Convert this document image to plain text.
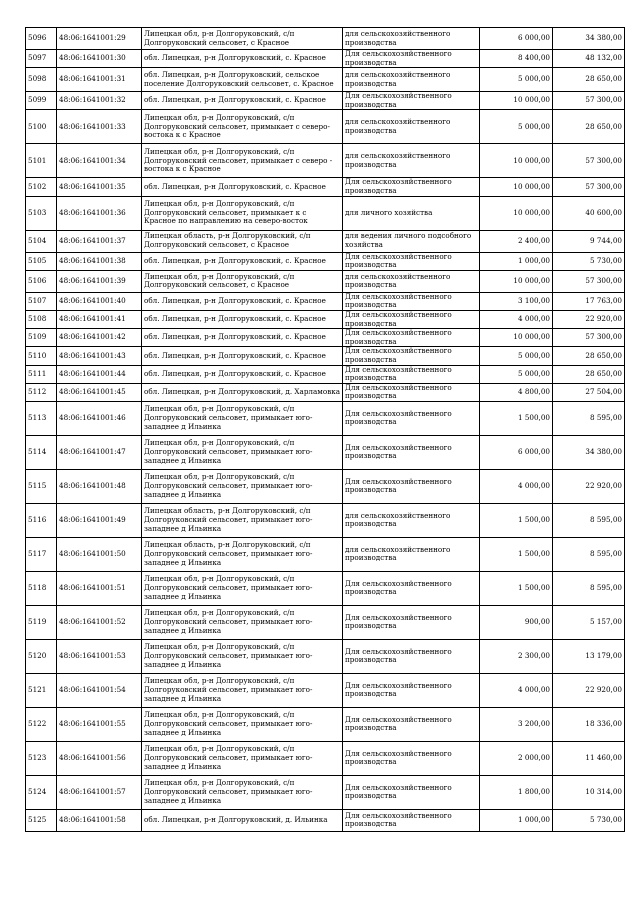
5096	48:06:1641001:29	Липецкая обл, р-н Долгоруковский, с/п Долгоруковский сельсовет, с Красное	для сельскохозяйственного производства	6 000,00	34 380,00
5097	48:06:1641001:30	обл. Липецкая, р-н Долгоруковский, с. Красное	Для сельскохозяйственного производства	8 400,00	48 132,00
5098	48:06:1641001:31	обл. Липецкая, р-н Долгоруковский, сельское поселение Долгоруковский сельсовет, с. Красное	для сельскохозяйственного производства	5 000,00	28 650,00
5099	48:06:1641001:32	обл. Липецкая, р-н Долгоруковский, с. Красное	Для сельскохозяйственного производства	10 000,00	57 300,00
5100	48:06:1641001:33	Липецкая обл, р-н Долгоруковский, с/п Долгоруковский сельсовет, примыкает с северо-востока к с Красное	для сельскохозяйственного производства	5 000,00	28 650,00
5101	48:06:1641001:34	Липецкая обл, р-н Долгоруковский, с/п Долгоруковский сельсовет, примыкает с северо - востока к с Красное	для сельскохозяйственного производства	10 000,00	57 300,00
5102	48:06:1641001:35	обл. Липецкая, р-н Долгоруковский, с. Красное	Для сельскохозяйственного производства	10 000,00	57 300,00
5103	48:06:1641001:36	Липецкая обл, р-н Долгоруковский, с/п Долгоруковский сельсовет, примыкает к с Красное по направлению на северо-восток	для личного хозяйства	10 000,00	40 600,00
5104	48:06:1641001:37	Липецкая область, р-н Долгоруковский, с/п Долгоруковский сельсовет, с Красное	для ведения личного подсобного хозяйства	2 400,00	9 744,00
5105	48:06:1641001:38	обл. Липецкая, р-н Долгоруковский, с. Красное	Для сельскохозяйственного производства	1 000,00	5 730,00
5106	48:06:1641001:39	Липецкая обл, р-н Долгоруковский, с/п Долгоруковский сельсовет, с Красное	для сельскохозяйственного производства	10 000,00	57 300,00
5107	48:06:1641001:40	обл. Липецкая, р-н Долгоруковский, с. Красное	Для сельскохозяйственного производства	3 100,00	17 763,00
5108	48:06:1641001:41	обл. Липецкая, р-н Долгоруковский, с. Красное	Для сельскохозяйственного производства	4 000,00	22 920,00
5109	48:06:1641001:42	обл. Липецкая, р-н Долгоруковский, с. Красное	Для сельскохозяйственного производства	10 000,00	57 300,00
5110	48:06:1641001:43	обл. Липецкая, р-н Долгоруковский, с. Красное	Для сельскохозяйственного производства	5 000,00	28 650,00
5111	48:06:1641001:44	обл. Липецкая, р-н Долгоруковский, с. Красное	Для сельскохозяйственного производства	5 000,00	28 650,00
5112	48:06:1641001:45	обл. Липецкая, р-н Долгоруковский, д. Харламовка	Для сельскохозяйственного производства	4 800,00	27 504,00
5113	48:06:1641001:46	Липецкая обл, р-н Долгоруковский, с/п Долгоруковский сельсовет, примыкает юго-западнее д Ильинка	Для сельскохозяйственного производства	1 500,00	8 595,00
5114	48:06:1641001:47	Липецкая обл, р-н Долгоруковский, с/п Долгоруковский сельсовет, примыкает юго-западнее д Ильинка	Для сельскохозяйственного производства	6 000,00	34 380,00
5115	48:06:1641001:48	Липецкая обл, р-н Долгоруковский, с/п Долгоруковский сельсовет, примыкает юго-западнее д Ильинка	Для сельскохозяйственного производства	4 000,00	22 920,00
5116	48:06:1641001:49	Липецкая область, р-н Долгоруковский, с/п Долгоруковский сельсовет, примыкает юго-западнее д Ильинка	для сельскохозяйственного производства	1 500,00	8 595,00
5117	48:06:1641001:50	Липецкая область, р-н Долгоруковский, с/п Долгоруковский сельсовет, примыкает юго-западнее д Ильинка	для сельскохозяйственного производства	1 500,00	8 595,00
5118	48:06:1641001:51	Липецкая обл, р-н Долгоруковский, с/п Долгоруковский сельсовет, примыкает юго-западнее д Ильинка	Для сельскохозяйственного производства	1 500,00	8 595,00
5119	48:06:1641001:52	Липецкая обл, р-н Долгоруковский, с/п Долгоруковский сельсовет, примыкает юго-западнее д Ильинка	Для сельскохозяйственного производства	900,00	5 157,00
5120	48:06:1641001:53	Липецкая обл, р-н Долгоруковский, с/п Долгоруковский сельсовет, примыкает юго-западнее д Ильинка	Для сельскохозяйственного производства	2 300,00	13 179,00
5121	48:06:1641001:54	Липецкая обл, р-н Долгоруковский, с/п Долгоруковский сельсовет, примыкает юго-западнее д Ильинка	Для сельскохозяйственного производства	4 000,00	22 920,00
5122	48:06:1641001:55	Липецкая обл, р-н Долгоруковский, с/п Долгоруковский сельсовет, примыкает юго-западнее д Ильинка	Для сельскохозяйственного производства	3 200,00	18 336,00
5123	48:06:1641001:56	Липецкая обл, р-н Долгоруковский, с/п Долгоруковский сельсовет, примыкает юго-западнее д Ильинка	Для сельскохозяйственного производства	2 000,00	11 460,00
5124	48:06:1641001:57	Липецкая обл, р-н Долгоруковский, с/п Долгоруковский сельсовет, примыкает юго-западнее д Ильинка	Для сельскохозяйственного производства	1 800,00	10 314,00
5125	48:06:1641001:58	обл. Липецкая, р-н Долгоруковский, д. Ильинка	Для сельскохозяйственного производства	1 000,00	5 730,00
